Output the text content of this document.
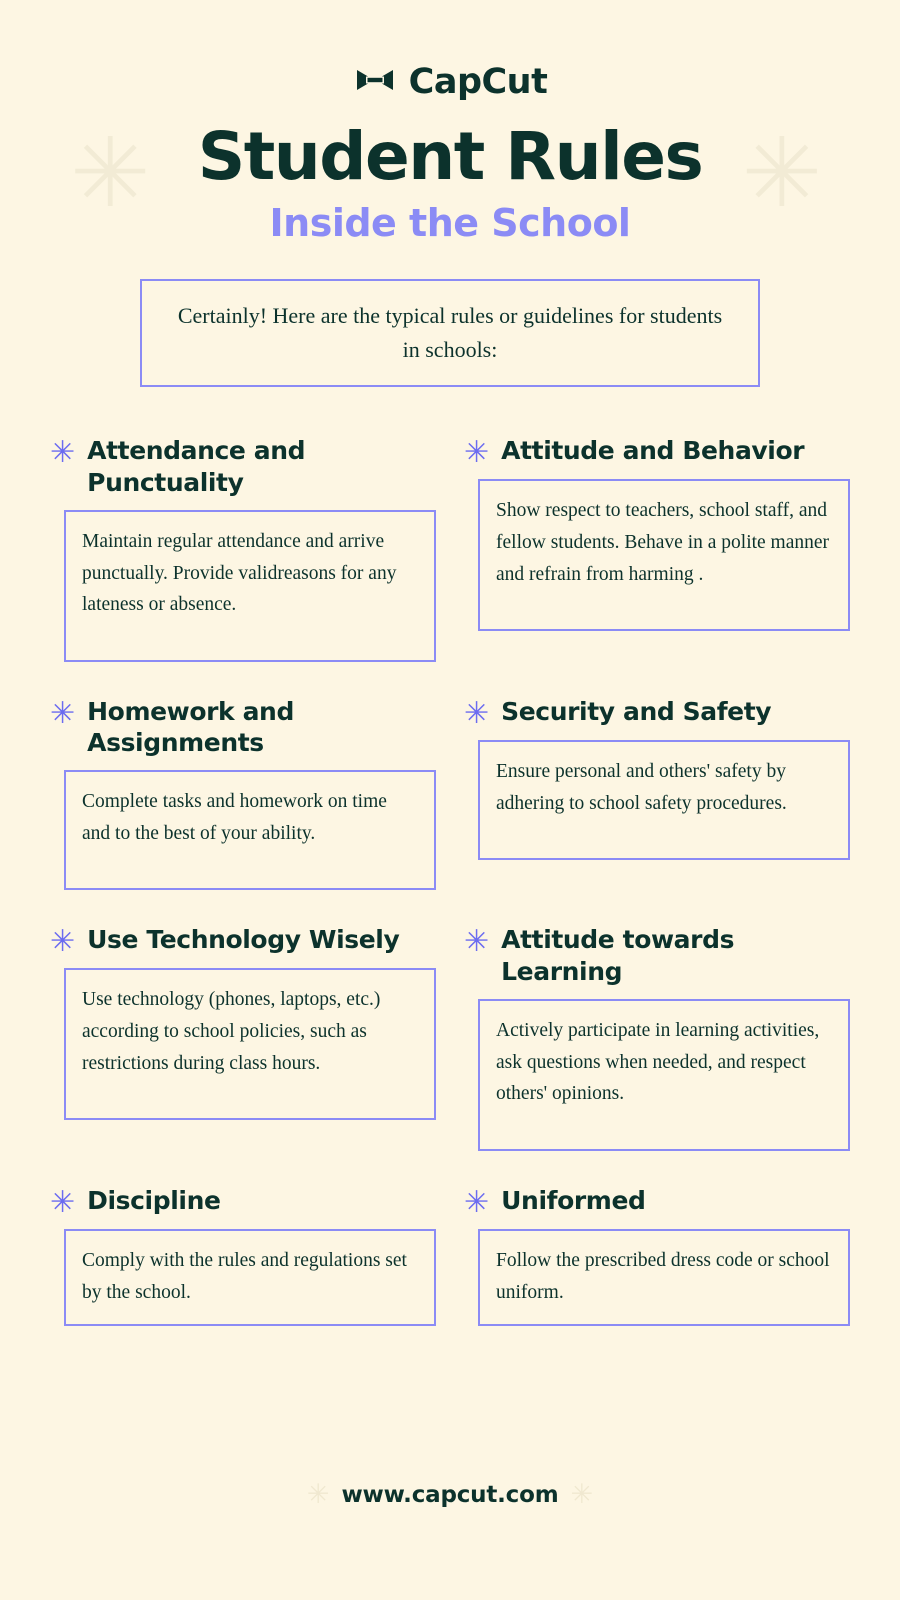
CapCut
✳	✳
Student Rules
Inside the School
Certainly! Here are the typical rules or guidelines for students in schools:
✳ Attendance and Punctuality
Maintain regular attendance and arrive punctually. Provide validreasons for any lateness or absence.
✳ Attitude and Behavior
Show respect to teachers, school staff, and fellow students. Behave in a polite manner and refrain from harming .
✳ Homework and Assignments
Complete tasks and homework on time and to the best of your ability.
✳ Security and Safety
Ensure personal and others' safety by adhering to school safety procedures.
✳ Use Technology Wisely
Use technology (phones, laptops, etc.) according to school policies, such as restrictions during class hours.
✳ Attitude towards Learning
Actively participate in learning activities, ask questions when needed, and respect others' opinions.
✳ Discipline
Comply with the rules and regulations set by the school.
✳ Uniformed
Follow the prescribed dress code or school uniform.
✳ www.capcut.com ✳
